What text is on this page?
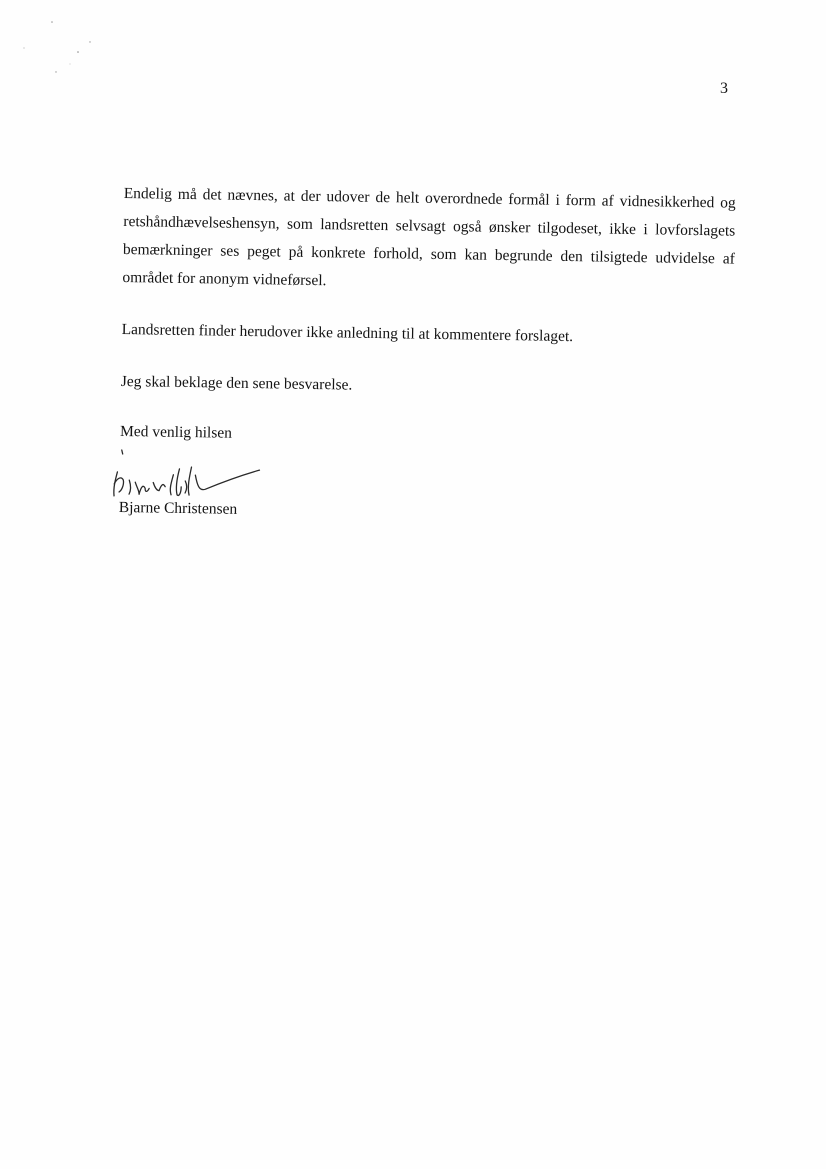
3

Endelig må det nævnes, at der udover de helt overordnede formål i form af vidnesikkerhed og retshåndhævelseshensyn, som landsretten selvsagt også ønsker tilgodeset, ikke i lovforslagets bemærkninger ses peget på konkrete forhold, som kan begrunde den tilsigtede udvidelse af området for anonym vidneførsel.

Landsretten finder herudover ikke anledning til at kommentere forslaget.

Jeg skal beklage den sene besvarelse.

Med venlig hilsen

Bjarne Christensen
